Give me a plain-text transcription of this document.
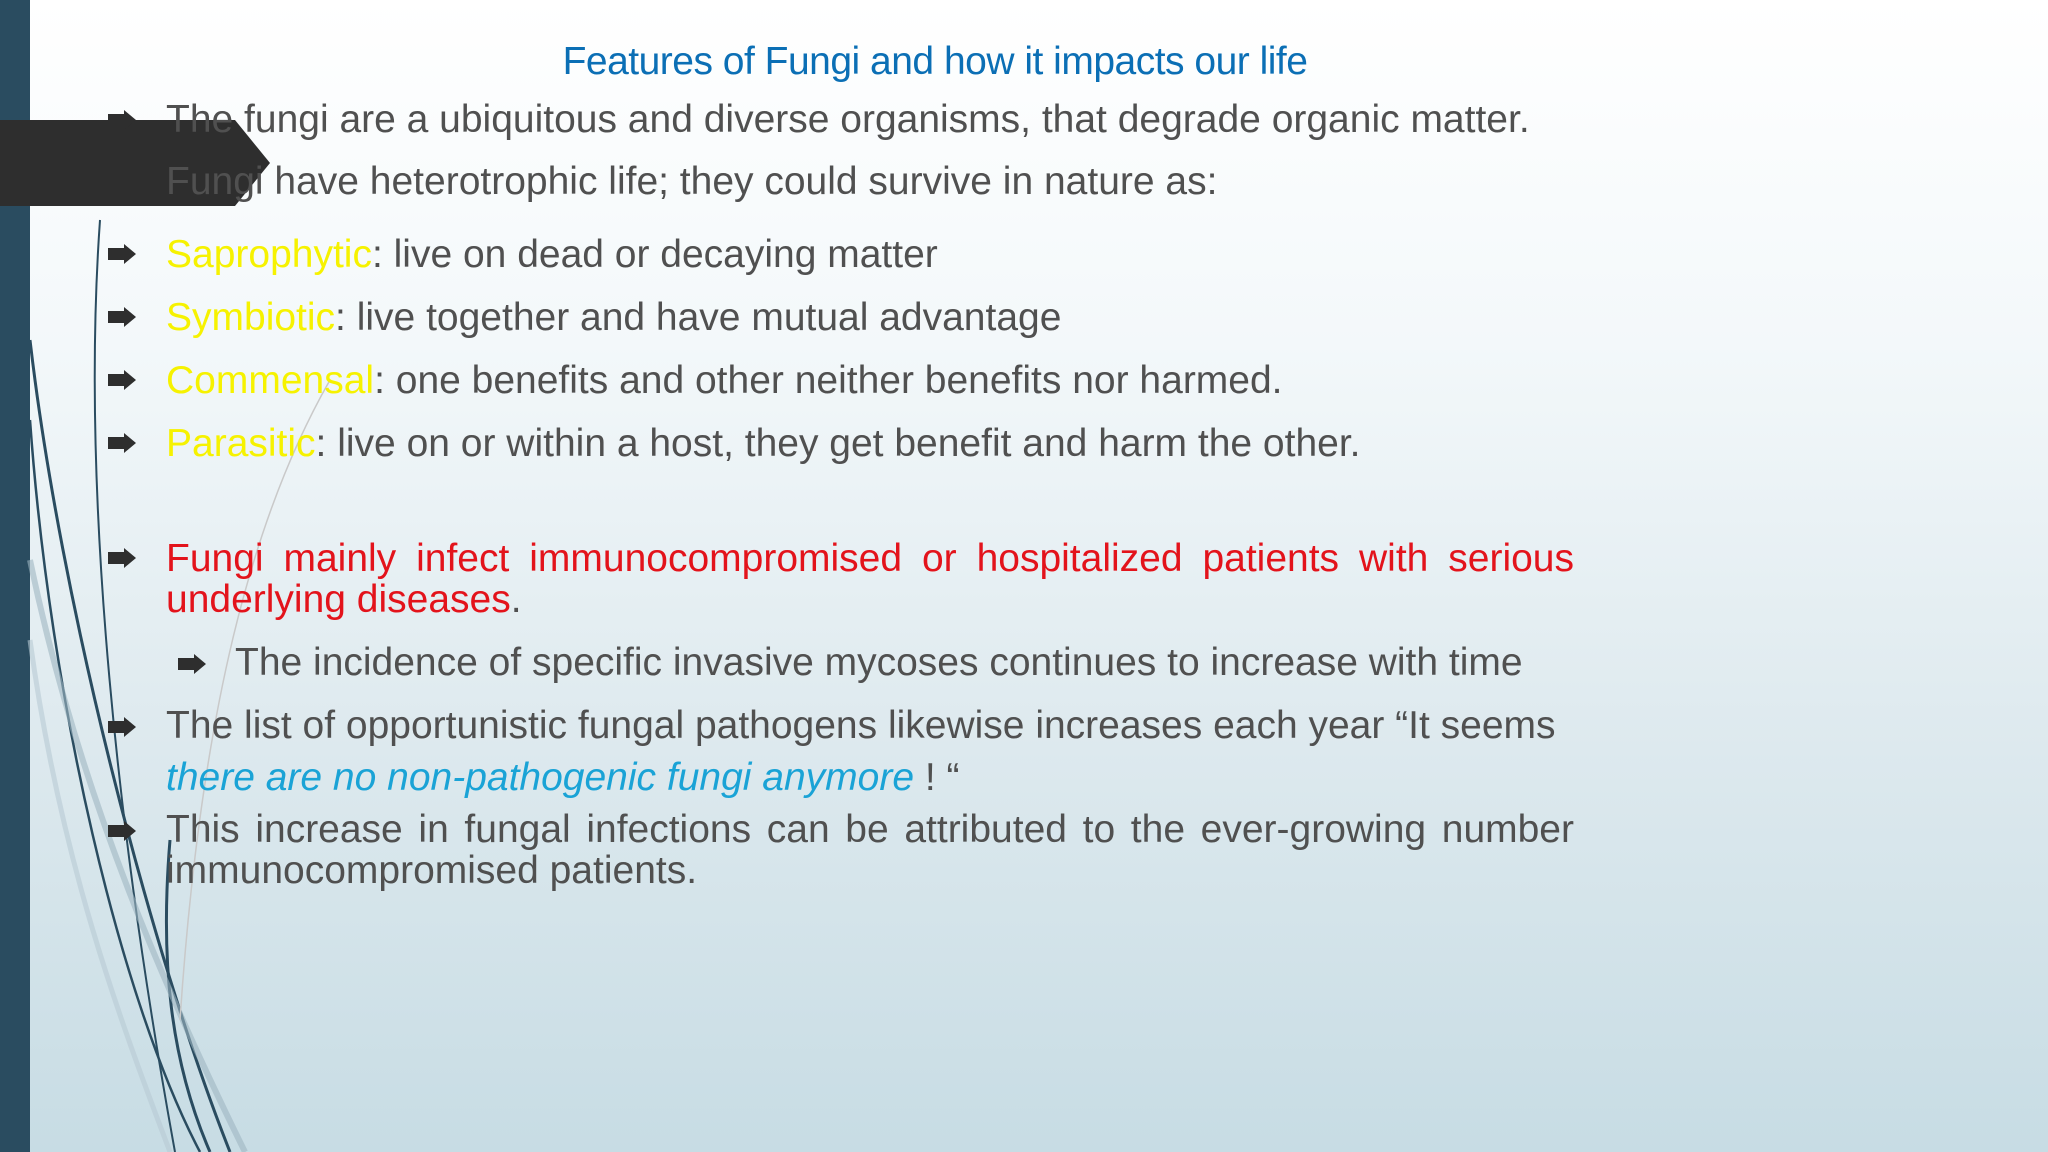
Features of Fungi and how it impacts our life
The fungi are a ubiquitous and diverse organisms, that degrade organic matter.
Fungi have heterotrophic life; they could survive in nature as:
Saprophytic: live on dead or decaying matter
Symbiotic: live together and have mutual advantage
Commensal: one benefits and other neither benefits nor harmed.
Parasitic: live on or within a host, they get benefit and harm the other.
Fungi mainly infect immunocompromised or hospitalized patients with serious
underlying diseases.
The incidence of specific invasive mycoses continues to increase with time
The list of opportunistic fungal pathogens likewise increases each year “It seems
there are no non-pathogenic fungi anymore ! “
This increase in fungal infections can be attributed to the ever-growing number
immunocompromised patients.
